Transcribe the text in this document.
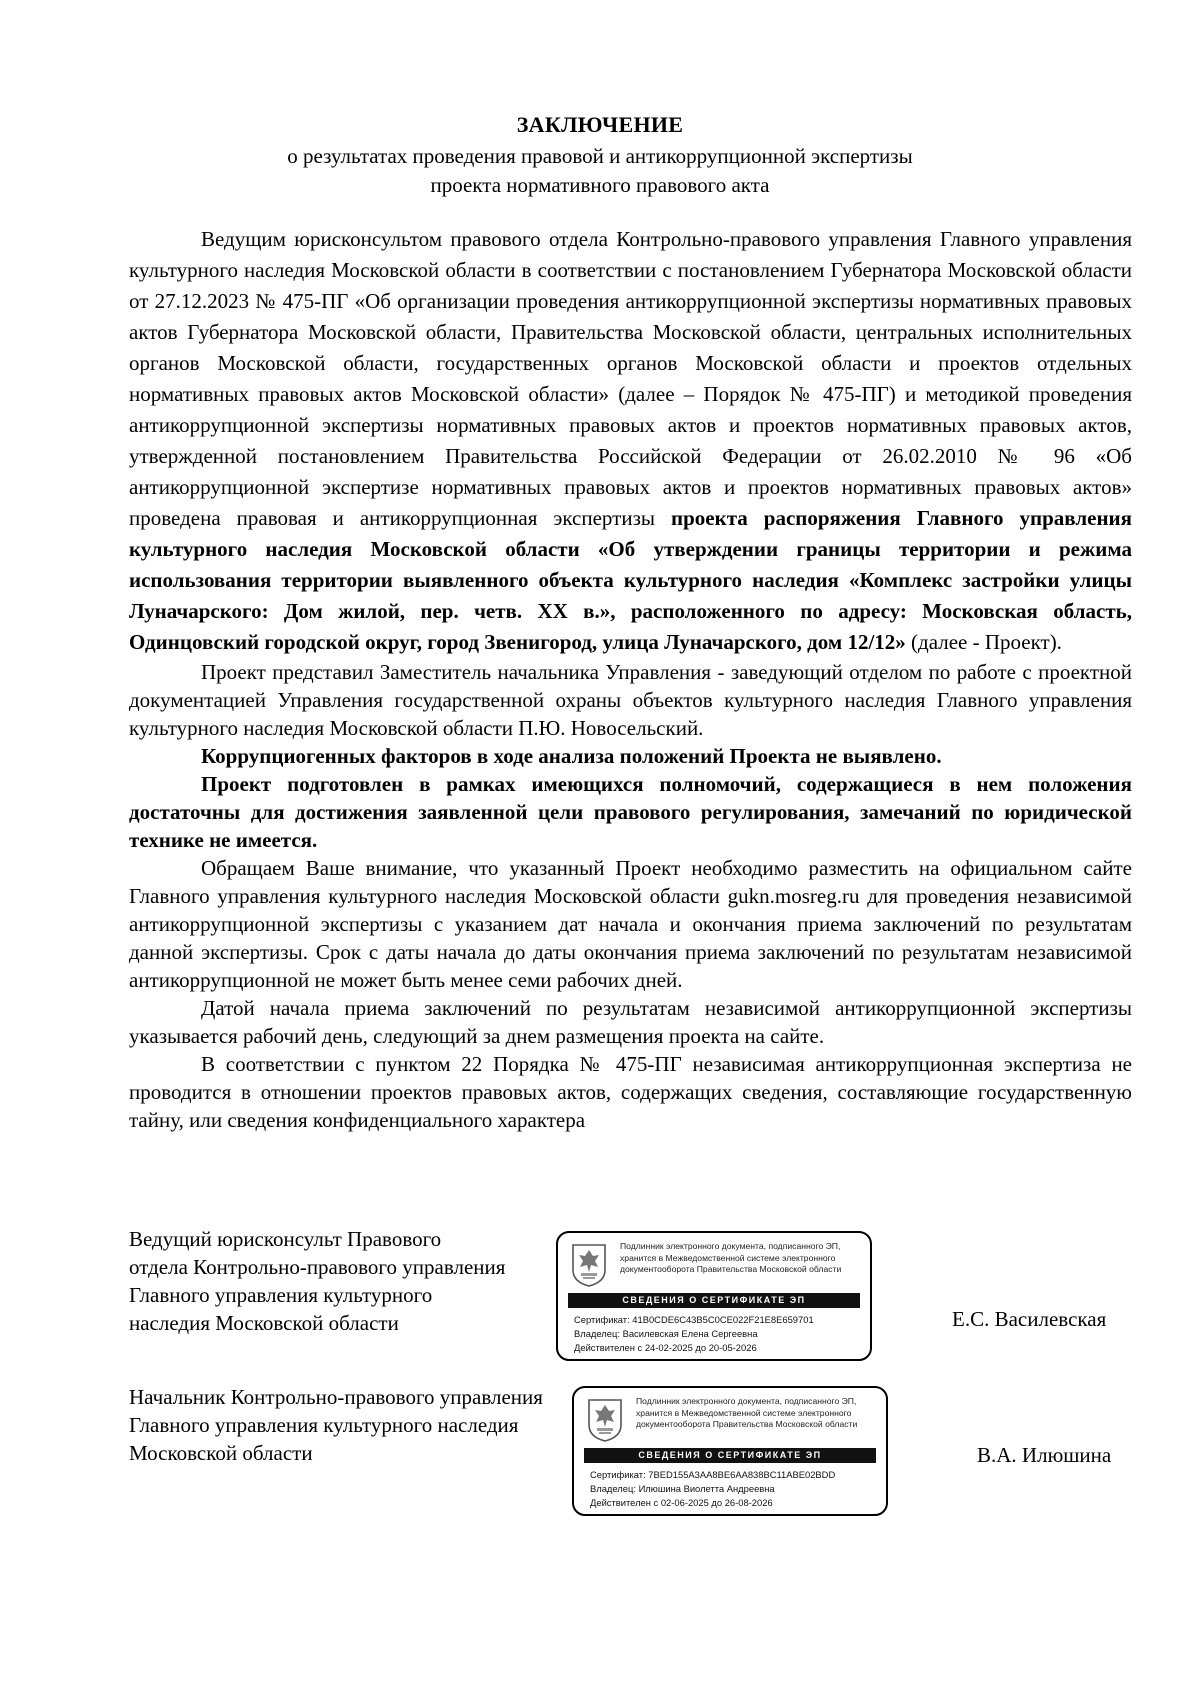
ЗАКЛЮЧЕНИЕ
о результатах проведения правовой и антикоррупционной экспертизы
проекта нормативного правового акта

Ведущим юрисконсультом правового отдела Контрольно-правового управления Главного управления культурного наследия Московской области в соответствии с постановлением Губернатора Московской области от 27.12.2023 № 475-ПГ «Об организации проведения антикоррупционной экспертизы нормативных правовых актов Губернатора Московской области, Правительства Московской области, центральных исполнительных органов Московской области, государственных органов Московской области и проектов отдельных нормативных правовых актов Московской области» (далее – Порядок № 475-ПГ) и методикой проведения антикоррупционной экспертизы нормативных правовых актов и проектов нормативных правовых актов, утвержденной постановлением Правительства Российской Федерации от 26.02.2010 № 96 «Об антикоррупционной экспертизе нормативных правовых актов и проектов нормативных правовых актов» проведена правовая и антикоррупционная экспертизы проекта распоряжения Главного управления культурного наследия Московской области «Об утверждении границы территории и режима использования территории выявленного объекта культурного наследия «Комплекс застройки улицы Луначарского: Дом жилой, пер. четв. XX в.», расположенного по адресу: Московская область, Одинцовский городской округ, город Звенигород, улица Луначарского, дом 12/12» (далее - Проект).

Проект представил Заместитель начальника Управления - заведующий отделом по работе с проектной документацией Управления государственной охраны объектов культурного наследия Главного управления культурного наследия Московской области П.Ю. Новосельский.

Коррупциогенных факторов в ходе анализа положений Проекта не выявлено.

Проект подготовлен в рамках имеющихся полномочий, содержащиеся в нем положения достаточны для достижения заявленной цели правового регулирования, замечаний по юридической технике не имеется.

Обращаем Ваше внимание, что указанный Проект необходимо разместить на официальном сайте Главного управления культурного наследия Московской области gukn.mosreg.ru для проведения независимой антикоррупционной экспертизы с указанием дат начала и окончания приема заключений по результатам данной экспертизы. Срок с даты начала до даты окончания приема заключений по результатам независимой антикоррупционной не может быть менее семи рабочих дней.

Датой начала приема заключений по результатам независимой антикоррупционной экспертизы указывается рабочий день, следующий за днем размещения проекта на сайте.

В соответствии с пунктом 22 Порядка № 475-ПГ независимая антикоррупционная экспертиза не проводится в отношении проектов правовых актов, содержащих сведения, составляющие государственную тайну, или сведения конфиденциального характера

Ведущий юрисконсульт Правового
отдела Контрольно-правового управления
Главного управления культурного
наследия Московской области
Подлинник электронного документа, подписанного ЭП,
хранится в Межведомственной системе электронного
документооборота Правительства Московской области
СВЕДЕНИЯ О СЕРТИФИКАТЕ ЭП
Сертификат: 41B0CDE6C43B5C0CE022F21E8E659701
Владелец: Василевская Елена Сергеевна
Действителен с 24-02-2025 до 20-05-2026
Е.С. Василевская
Начальник Контрольно-правового управления
Главного управления культурного наследия
Московской области
Подлинник электронного документа, подписанного ЭП,
хранится в Межведомственной системе электронного
документооборота Правительства Московской области
СВЕДЕНИЯ О СЕРТИФИКАТЕ ЭП
Сертификат: 7BED155A3AA8BE6AA838BC11ABE02BDD
Владелец: Илюшина Виолетта Андреевна
Действителен с 02-06-2025 до 26-08-2026
В.А. Илюшина
